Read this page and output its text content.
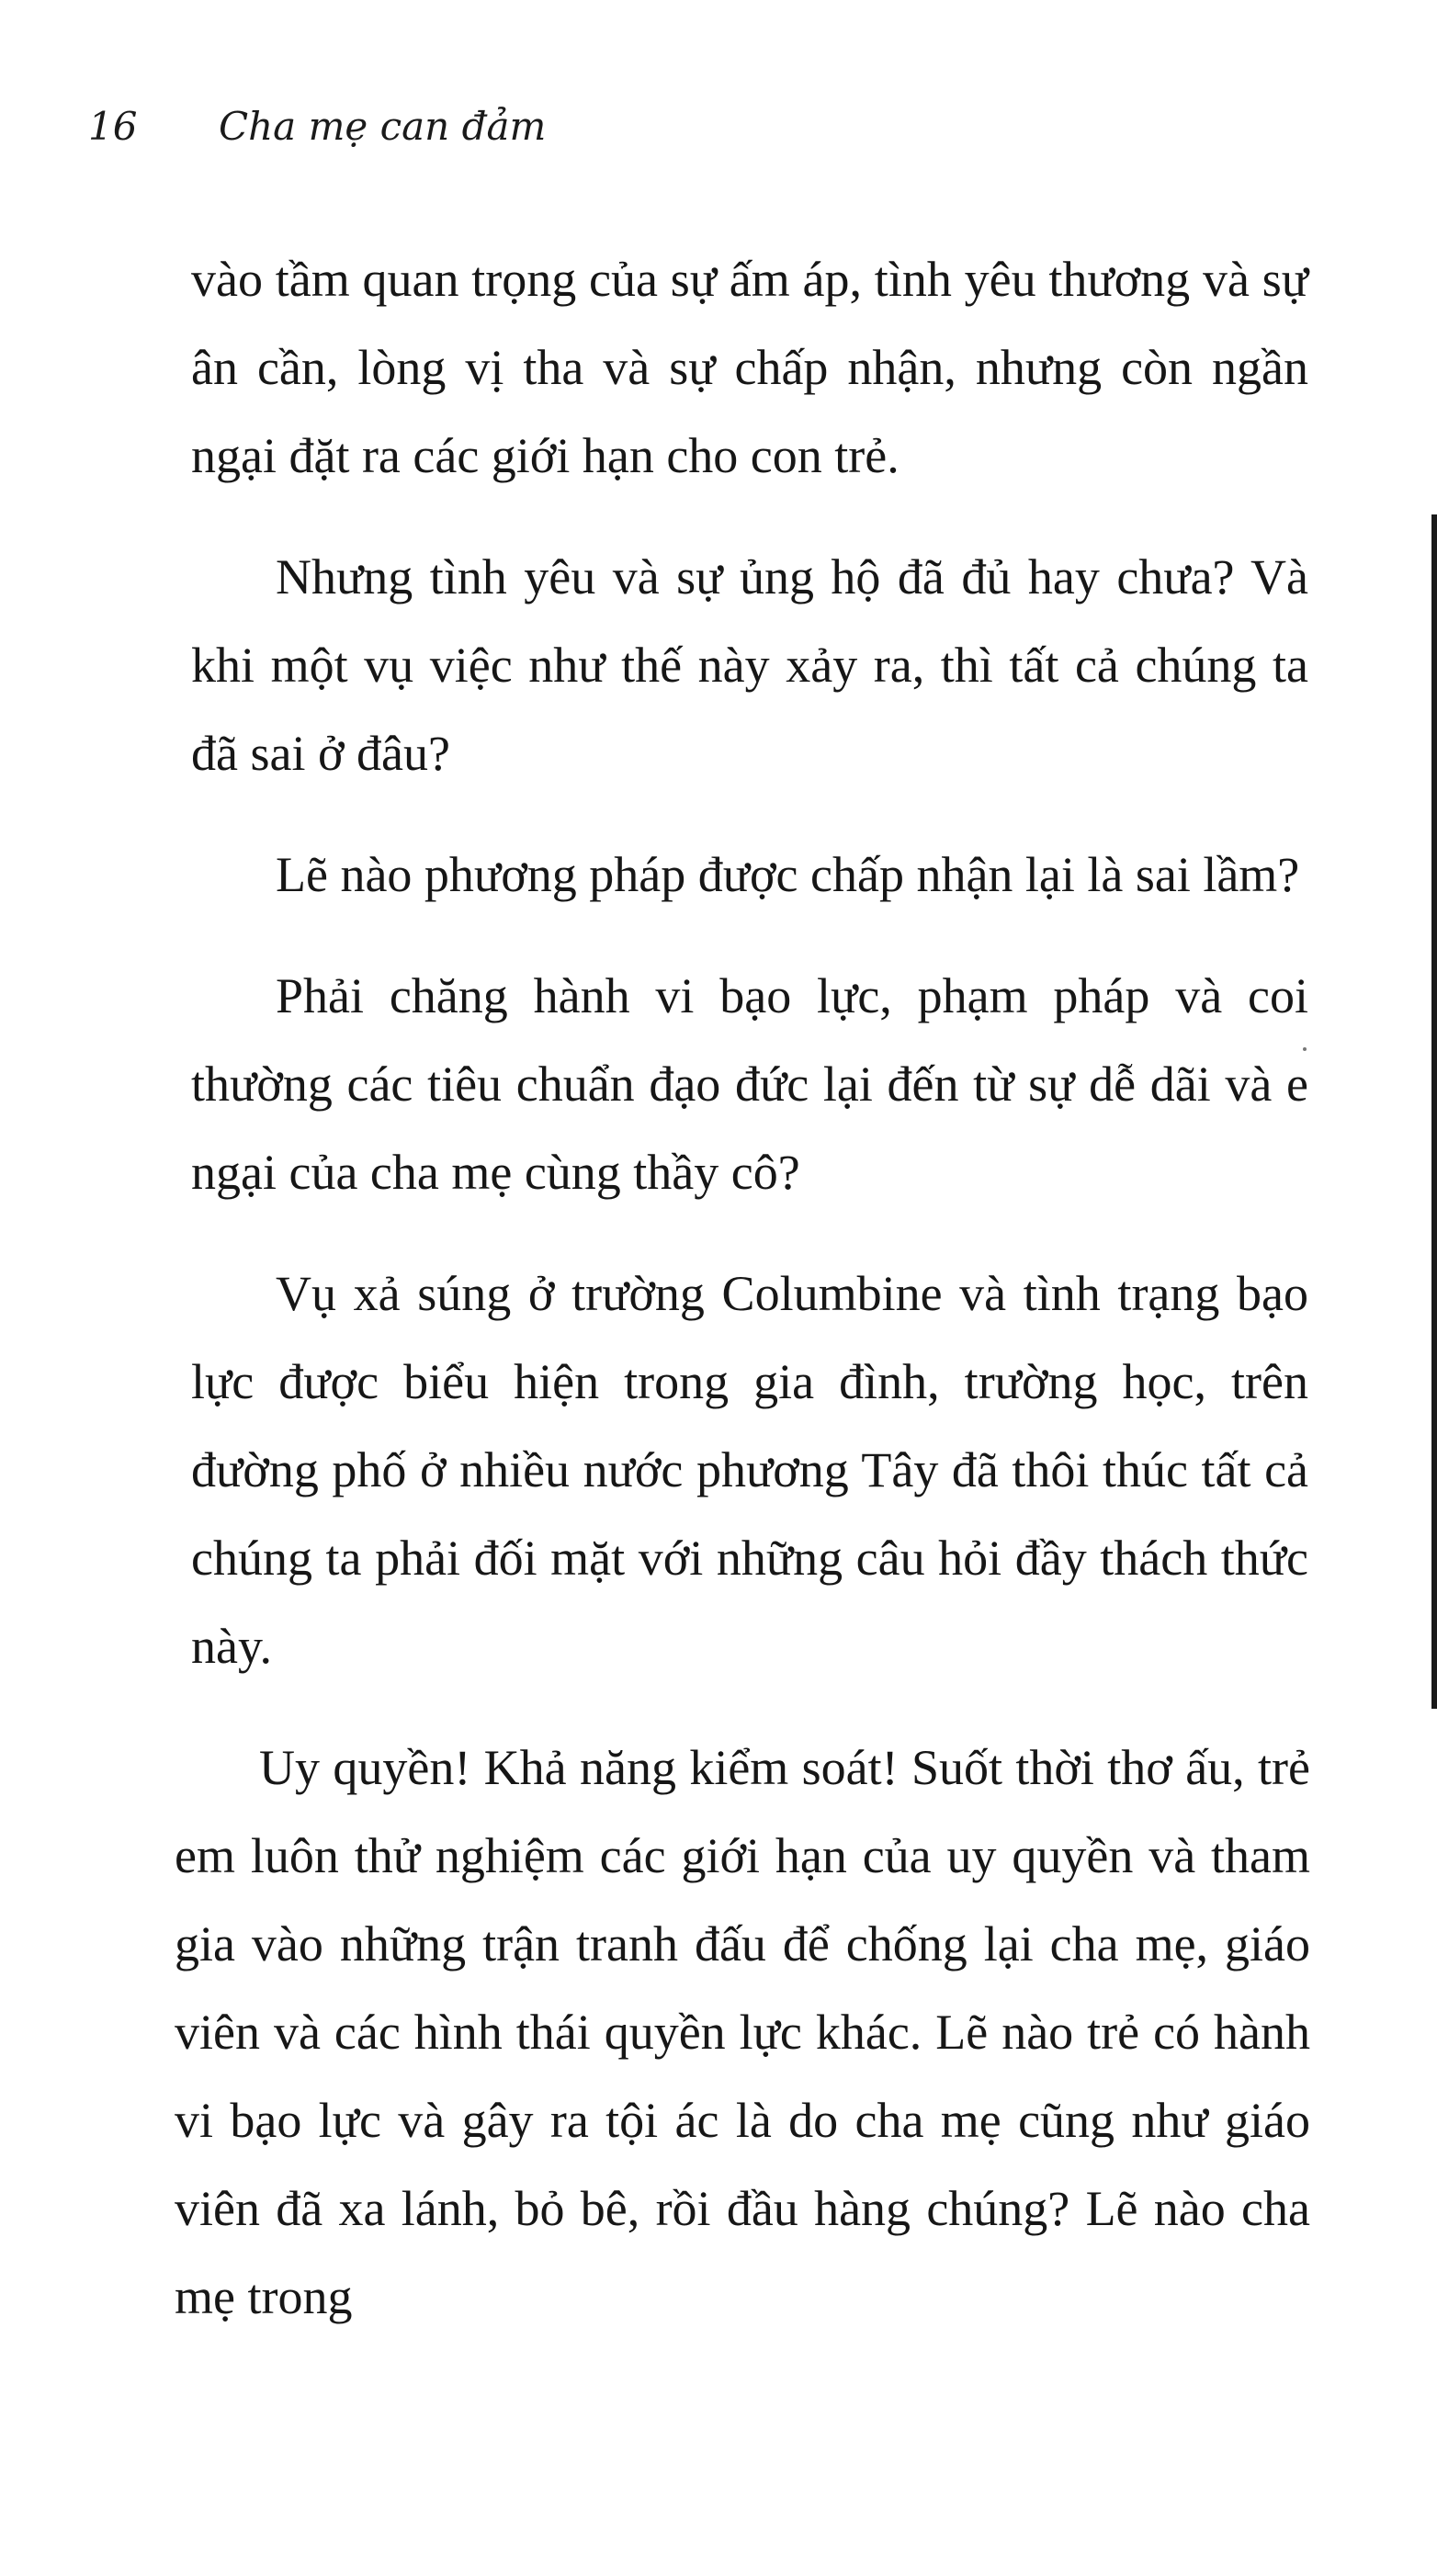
16 Cha mẹ can đảm

vào tầm quan trọng của sự ấm áp, tình yêu thương và sự ân cần, lòng vị tha và sự chấp nhận, nhưng còn ngần ngại đặt ra các giới hạn cho con trẻ.

Nhưng tình yêu và sự ủng hộ đã đủ hay chưa? Và khi một vụ việc như thế này xảy ra, thì tất cả chúng ta đã sai ở đâu?

Lẽ nào phương pháp được chấp nhận lại là sai lầm?

Phải chăng hành vi bạo lực, phạm pháp và coi thường các tiêu chuẩn đạo đức lại đến từ sự dễ dãi và e ngại của cha mẹ cùng thầy cô?

Vụ xả súng ở trường Columbine và tình trạng bạo lực được biểu hiện trong gia đình, trường học, trên đường phố ở nhiều nước phương Tây đã thôi thúc tất cả chúng ta phải đối mặt với những câu hỏi đầy thách thức này.

Uy quyền! Khả năng kiểm soát! Suốt thời thơ ấu, trẻ em luôn thử nghiệm các giới hạn của uy quyền và tham gia vào những trận tranh đấu để chống lại cha mẹ, giáo viên và các hình thái quyền lực khác. Lẽ nào trẻ có hành vi bạo lực và gây ra tội ác là do cha mẹ cũng như giáo viên đã xa lánh, bỏ bê, rồi đầu hàng chúng? Lẽ nào cha mẹ trong
